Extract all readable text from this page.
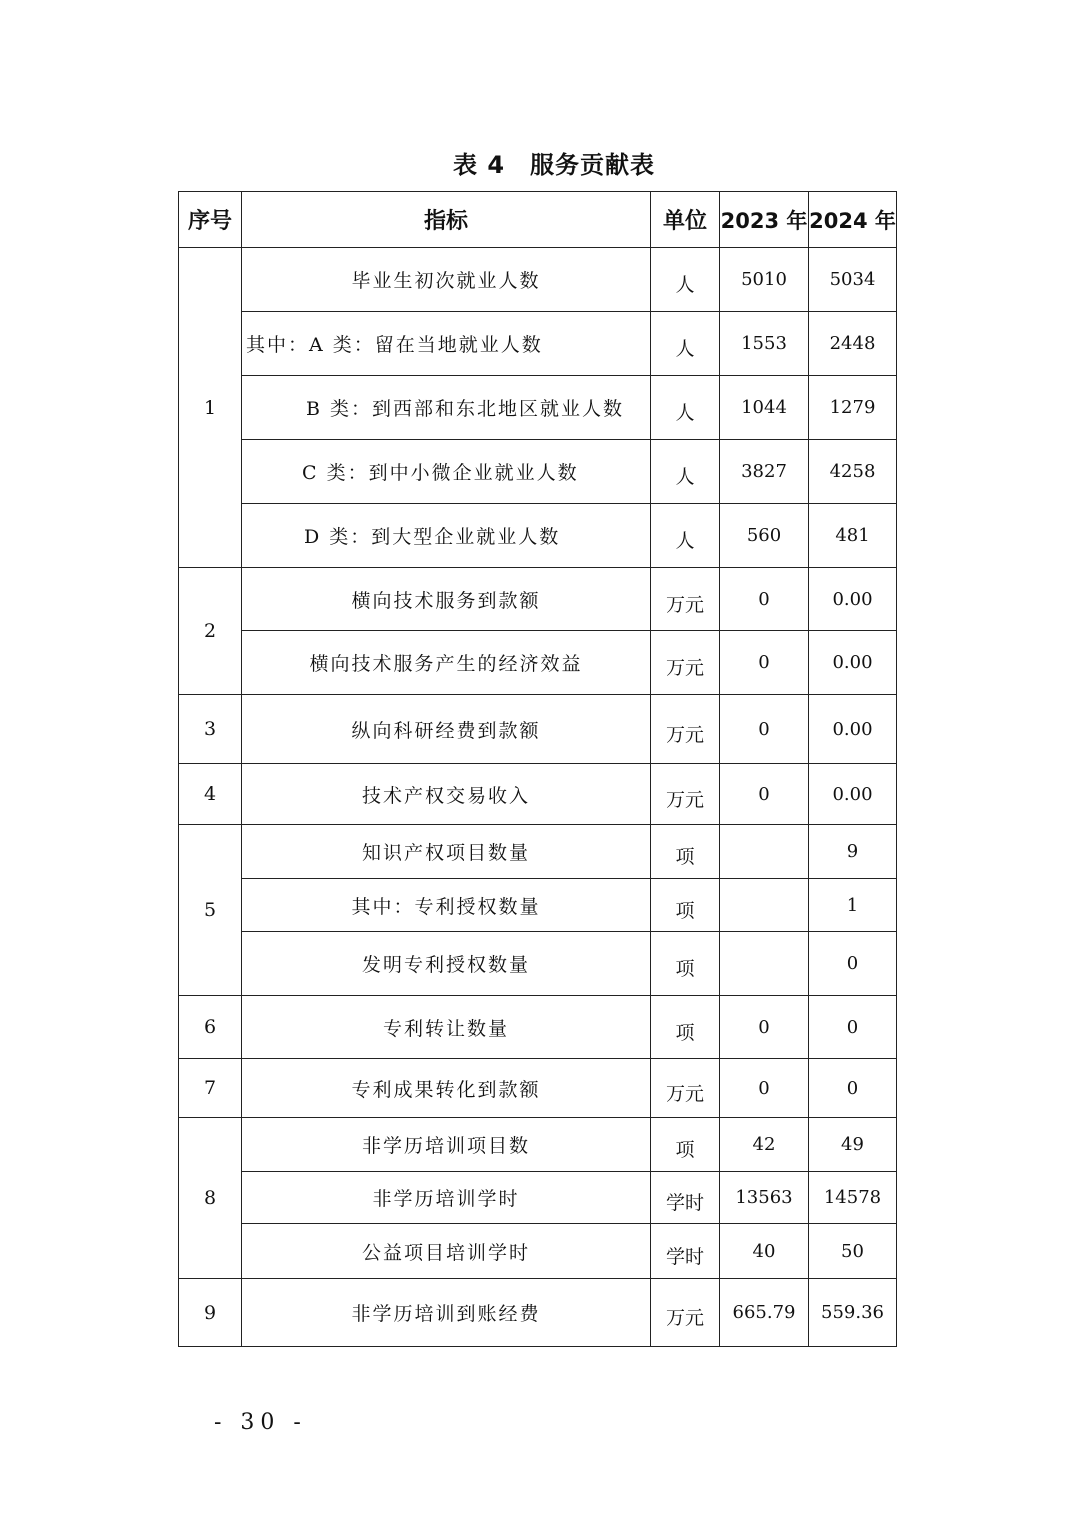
表 4　服务贡献表
序号	指标	单位	2023 年	2024 年
1	毕业生初次就业人数	人	5010	5034
	其中：A 类：留在当地就业人数	人	1553	2448
	B 类：到西部和东北地区就业人数	人	1044	1279
	C 类：到中小微企业就业人数	人	3827	4258
	D 类：到大型企业就业人数	人	560	481
2	横向技术服务到款额	万元	0	0.00
	横向技术服务产生的经济效益	万元	0	0.00
3	纵向科研经费到款额	万元	0	0.00
4	技术产权交易收入	万元	0	0.00
5	知识产权项目数量	项		9
	其中：专利授权数量	项		1
	发明专利授权数量	项		0
6	专利转让数量	项	0	0
7	专利成果转化到款额	万元	0	0
8	非学历培训项目数	项	42	49
	非学历培训学时	学时	13563	14578
	公益项目培训学时	学时	40	50
9	非学历培训到账经费	万元	665.79	559.36
- 30 -
